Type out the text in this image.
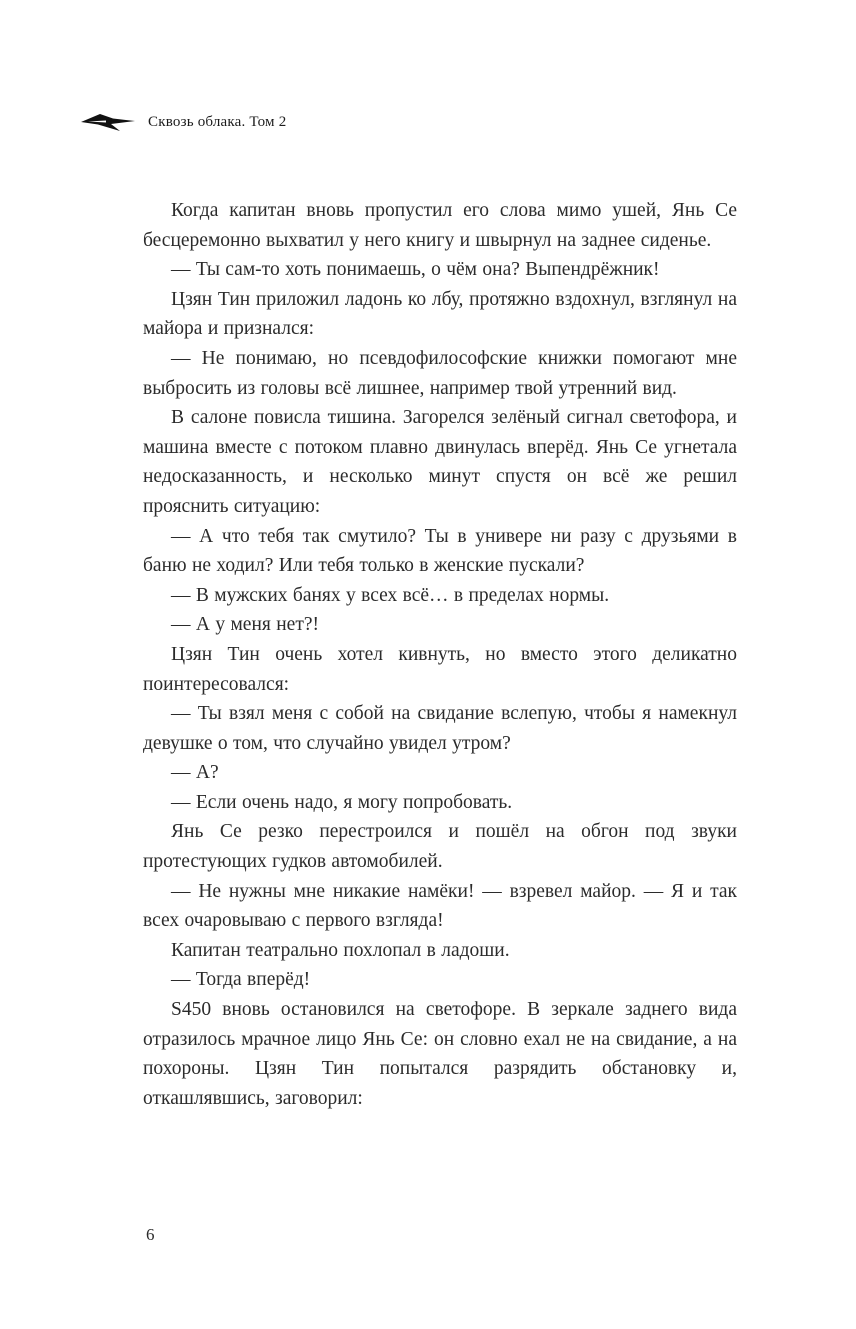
Сквозь облака. Том 2

Когда капитан вновь пропустил его слова мимо ушей, Янь Се бесцеремонно выхватил у него книгу и швырнул на заднее сиденье.

— Ты сам-то хоть понимаешь, о чём она? Выпендрёжник!

Цзян Тин приложил ладонь ко лбу, протяжно вздохнул, взглянул на майора и признался:

— Не понимаю, но псевдофилософские книжки помогают мне выбросить из головы всё лишнее, например твой утренний вид.

В салоне повисла тишина. Загорелся зелёный сигнал светофора, и машина вместе с потоком плавно двинулась вперёд. Янь Се угнетала недосказанность, и несколько минут спустя он всё же решил прояснить ситуацию:

— А что тебя так смутило? Ты в универе ни разу с друзьями в баню не ходил? Или тебя только в женские пускали?

— В мужских банях у всех всё… в пределах нормы.

— А у меня нет?!

Цзян Тин очень хотел кивнуть, но вместо этого деликатно поинтересовался:

— Ты взял меня с собой на свидание вслепую, чтобы я намекнул девушке о том, что случайно увидел утром?

— А?

— Если очень надо, я могу попробовать.

Янь Се резко перестроился и пошёл на обгон под звуки протестующих гудков автомобилей.

— Не нужны мне никакие намёки! — взревел майор. — Я и так всех очаровываю с первого взгляда!

Капитан театрально похлопал в ладоши.

— Тогда вперёд!

S450 вновь остановился на светофоре. В зеркале заднего вида отразилось мрачное лицо Янь Се: он словно ехал не на свидание, а на похороны. Цзян Тин попытался разрядить обстановку и, откашлявшись, заговорил:

6
